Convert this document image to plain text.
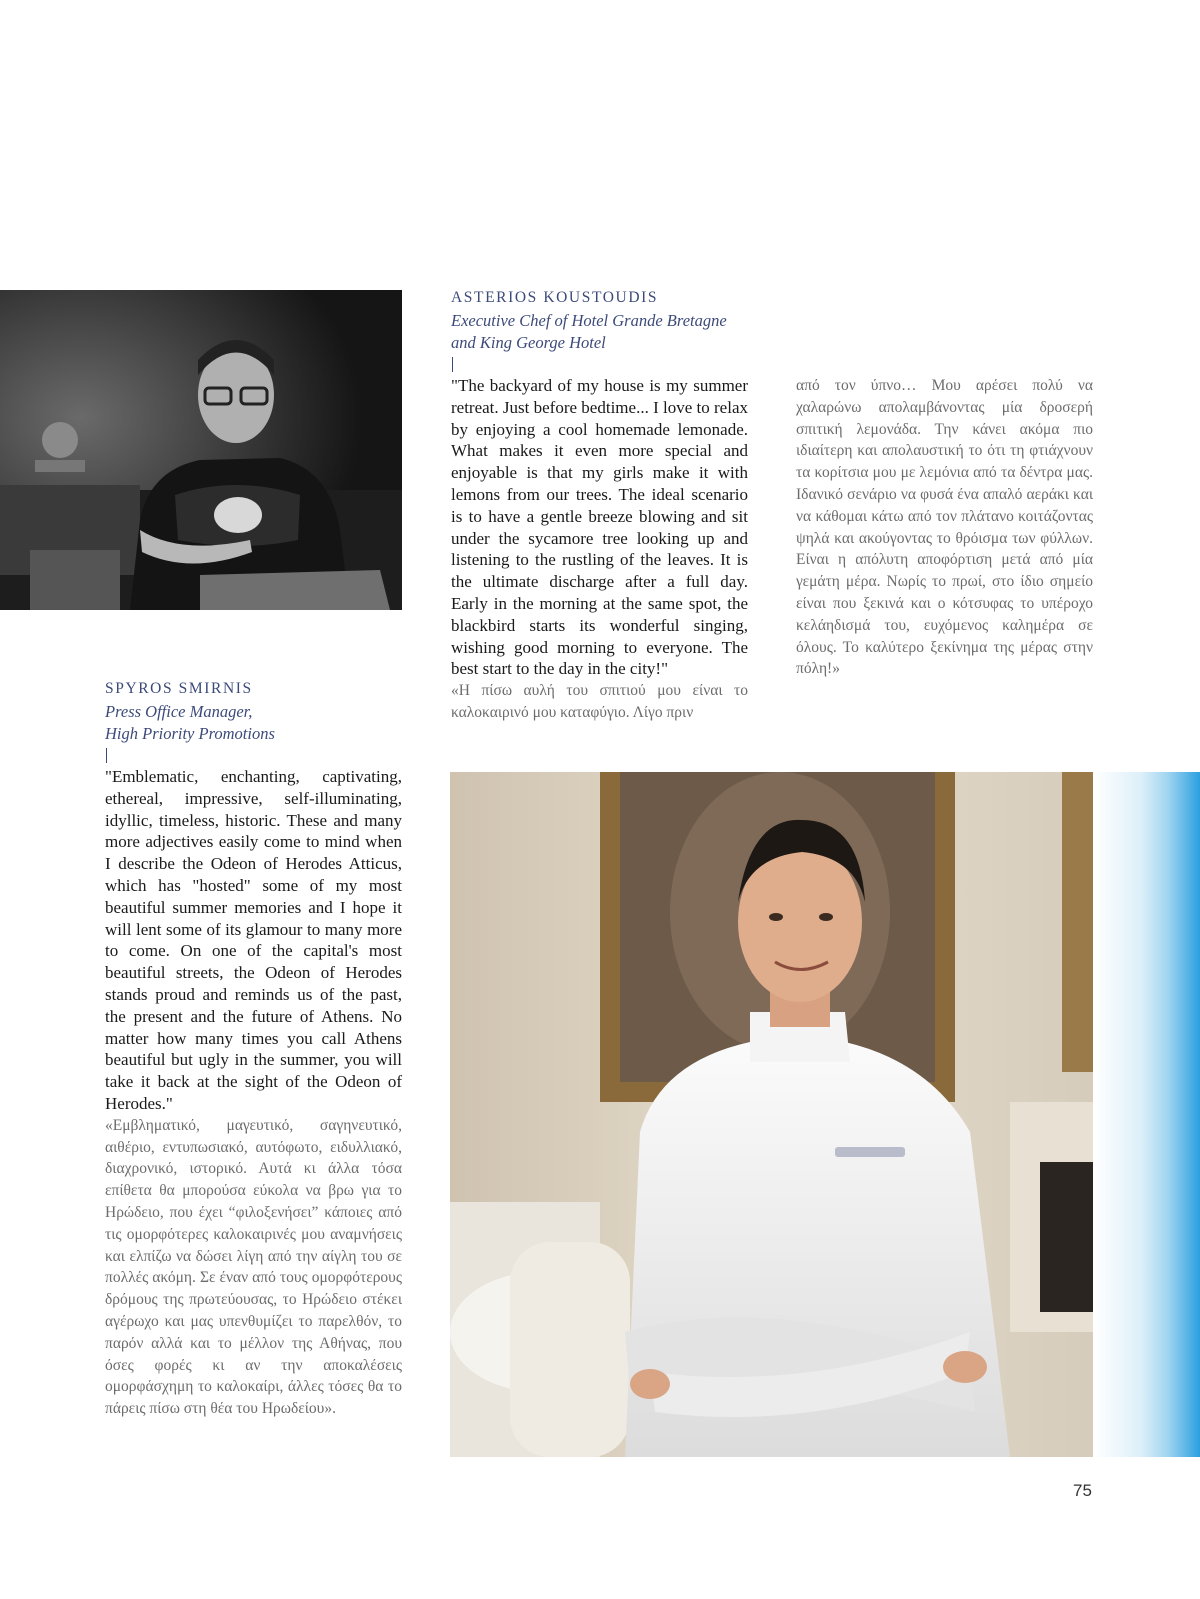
ASTERIOS KOUSTOUDIS
Executive Chef of Hotel Grande Bretagne
and King George Hotel
"The backyard of my house is my summer retreat. Just before bedtime... I love to relax by enjoying a cool homemade lemonade. What makes it even more special and enjoyable is that my girls make it with lemons from our trees. The ideal scenario is to have a gentle breeze blowing and sit under the sycamore tree looking up and listening to the rustling of the leaves. It is the ultimate discharge after a full day. Early in the morning at the same spot, the blackbird starts its wonderful singing, wishing good morning to everyone. The best start to the day in the city!"
«Η πίσω αυλή του σπιτιού μου είναι το καλοκαιρινό μου καταφύγιο. Λίγο πριν
από τον ύπνο… Μου αρέσει πολύ να χαλαρώνω απολαμβάνοντας μία δροσερή σπιτική λεμονάδα. Την κάνει ακόμα πιο ιδιαίτερη και απολαυστική το ότι τη φτιάχνουν τα κορίτσια μου με λεμόνια από τα δέντρα μας. Ιδανικό σενάριο να φυσά ένα απαλό αεράκι και να κάθομαι κάτω από τον πλάτανο κοιτάζοντας ψηλά και ακούγοντας το θρόισμα των φύλλων. Είναι η απόλυτη αποφόρτιση μετά από μία γεμάτη μέρα. Νωρίς το πρωί, στο ίδιο σημείο είναι που ξεκινά και ο κότσυφας το υπέροχο κελάηδισμά του, ευχόμενος καλημέρα σε όλους. Το καλύτερο ξεκίνημα της μέρας στην πόλη!»
SPYROS SMIRNIS
Press Office Manager,
High Priority Promotions
"Emblematic, enchanting, captivating, ethereal, impressive, self-illuminating, idyllic, timeless, historic. These and many more adjectives easily come to mind when I describe the Odeon of Herodes Atticus, which has "hosted" some of my most beautiful summer memories and I hope it will lent some of its glamour to many more to come. On one of the capital's most beautiful streets, the Odeon of Herodes stands proud and reminds us of the past, the present and the future of Athens. No matter how many times you call Athens beautiful but ugly in the summer, you will take it back at the sight of the Odeon of Herodes."
«Εμβληματικό, μαγευτικό, σαγηνευτικό, αιθέριο, εντυπωσιακό, αυτόφωτο, ειδυλλιακό, διαχρονικό, ιστορικό. Αυτά κι άλλα τόσα επίθετα θα μπορούσα εύκολα να βρω για το Ηρώδειο, που έχει “φιλοξενήσει” κάποιες από τις ομορφότερες καλοκαιρινές μου αναμνήσεις και ελπίζω να δώσει λίγη από την αίγλη του σε πολλές ακόμη. Σε έναν από τους ομορφότερους δρόμους της πρωτεύουσας, το Ηρώδειο στέκει αγέρωχο και μας υπενθυμίζει το παρελθόν, το παρόν αλλά και το μέλλον της Αθήνας, που όσες φορές κι αν την αποκαλέσεις ομορφάσχημη το καλοκαίρι, άλλες τόσες θα το πάρεις πίσω στη θέα του Ηρωδείου».
75
